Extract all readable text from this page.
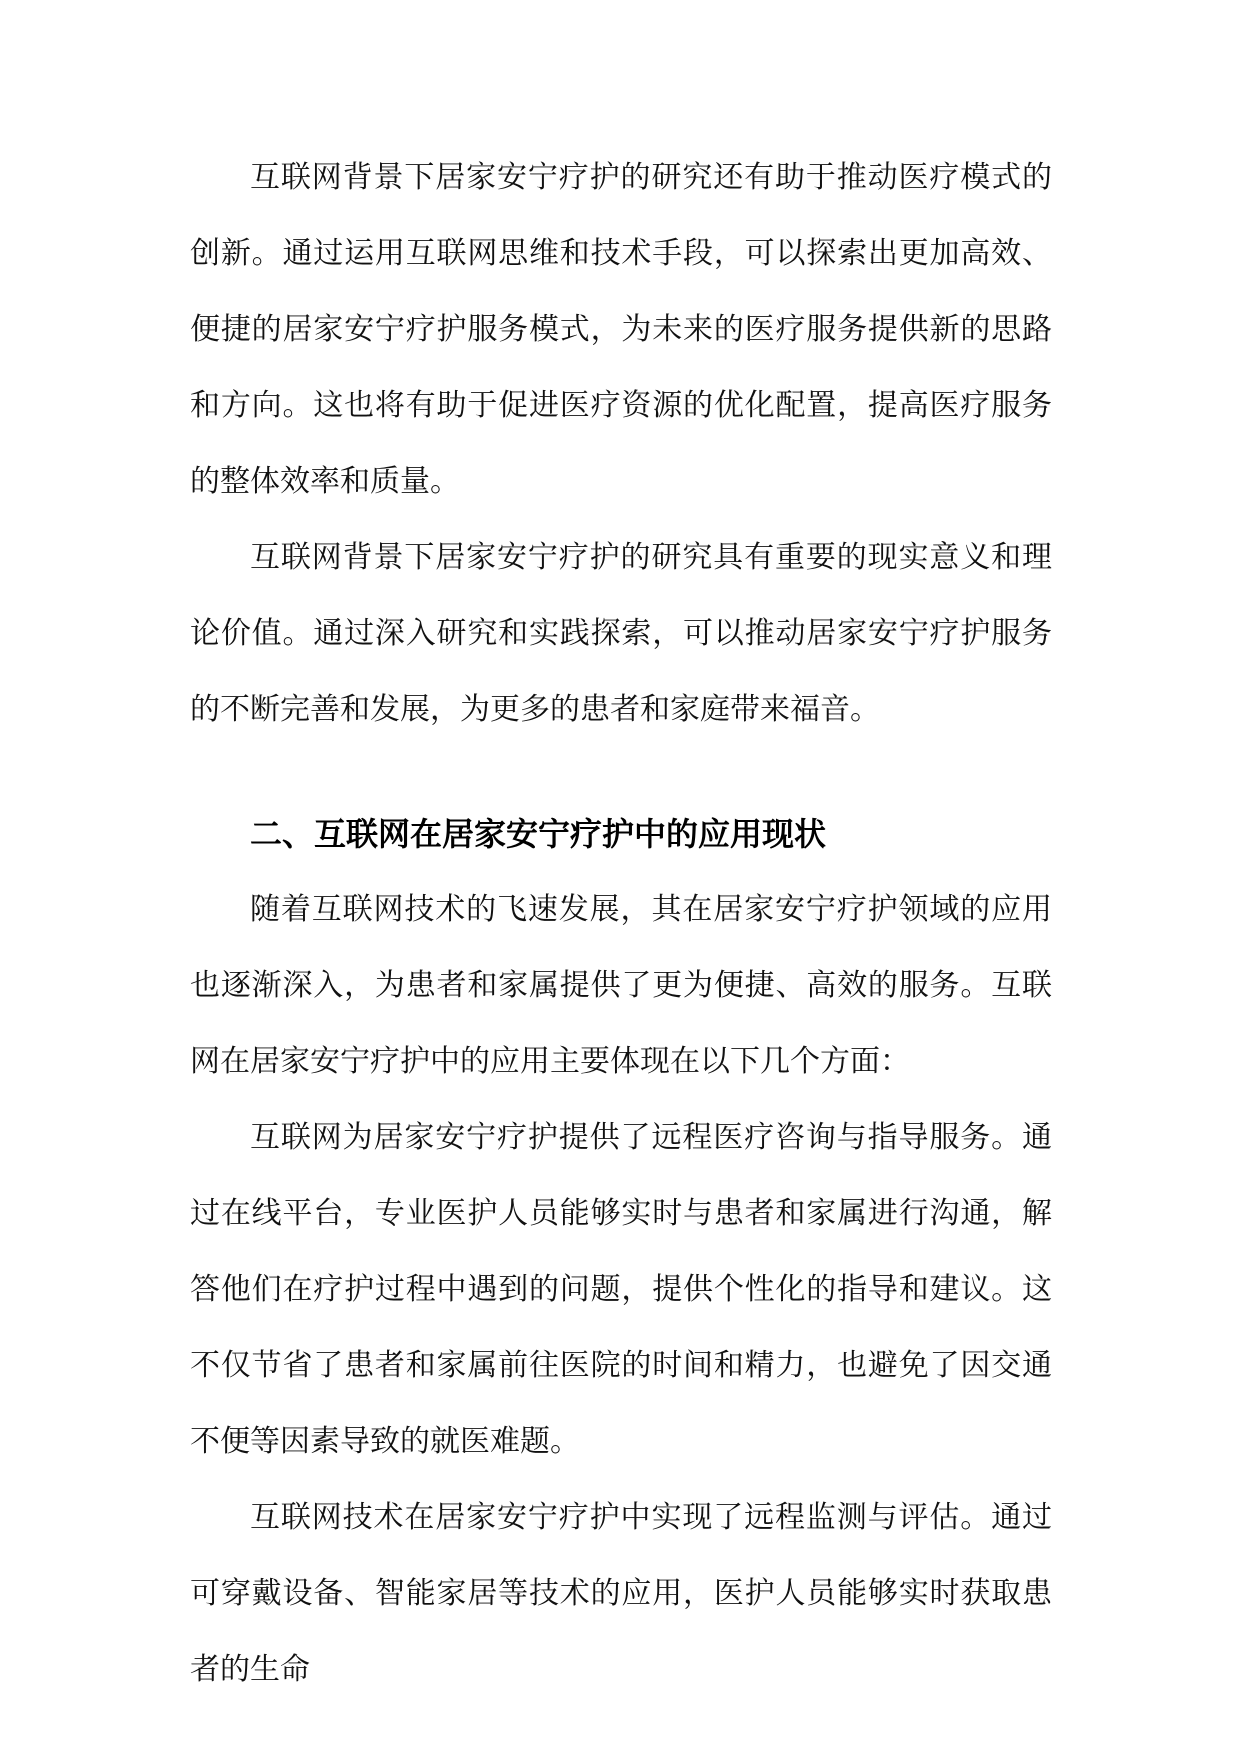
互联网背景下居家安宁疗护的研究还有助于推动医疗模式的创新。通过运用互联网思维和技术手段，可以探索出更加高效、便捷的居家安宁疗护服务模式，为未来的医疗服务提供新的思路和方向。这也将有助于促进医疗资源的优化配置，提高医疗服务的整体效率和质量。

互联网背景下居家安宁疗护的研究具有重要的现实意义和理论价值。通过深入研究和实践探索，可以推动居家安宁疗护服务的不断完善和发展，为更多的患者和家庭带来福音。

二、互联网在居家安宁疗护中的应用现状

随着互联网技术的飞速发展，其在居家安宁疗护领域的应用也逐渐深入，为患者和家属提供了更为便捷、高效的服务。互联网在居家安宁疗护中的应用主要体现在以下几个方面：

互联网为居家安宁疗护提供了远程医疗咨询与指导服务。通过在线平台，专业医护人员能够实时与患者和家属进行沟通，解答他们在疗护过程中遇到的问题，提供个性化的指导和建议。这不仅节省了患者和家属前往医院的时间和精力，也避免了因交通不便等因素导致的就医难题。

互联网技术在居家安宁疗护中实现了远程监测与评估。通过可穿戴设备、智能家居等技术的应用，医护人员能够实时获取患者的生命
